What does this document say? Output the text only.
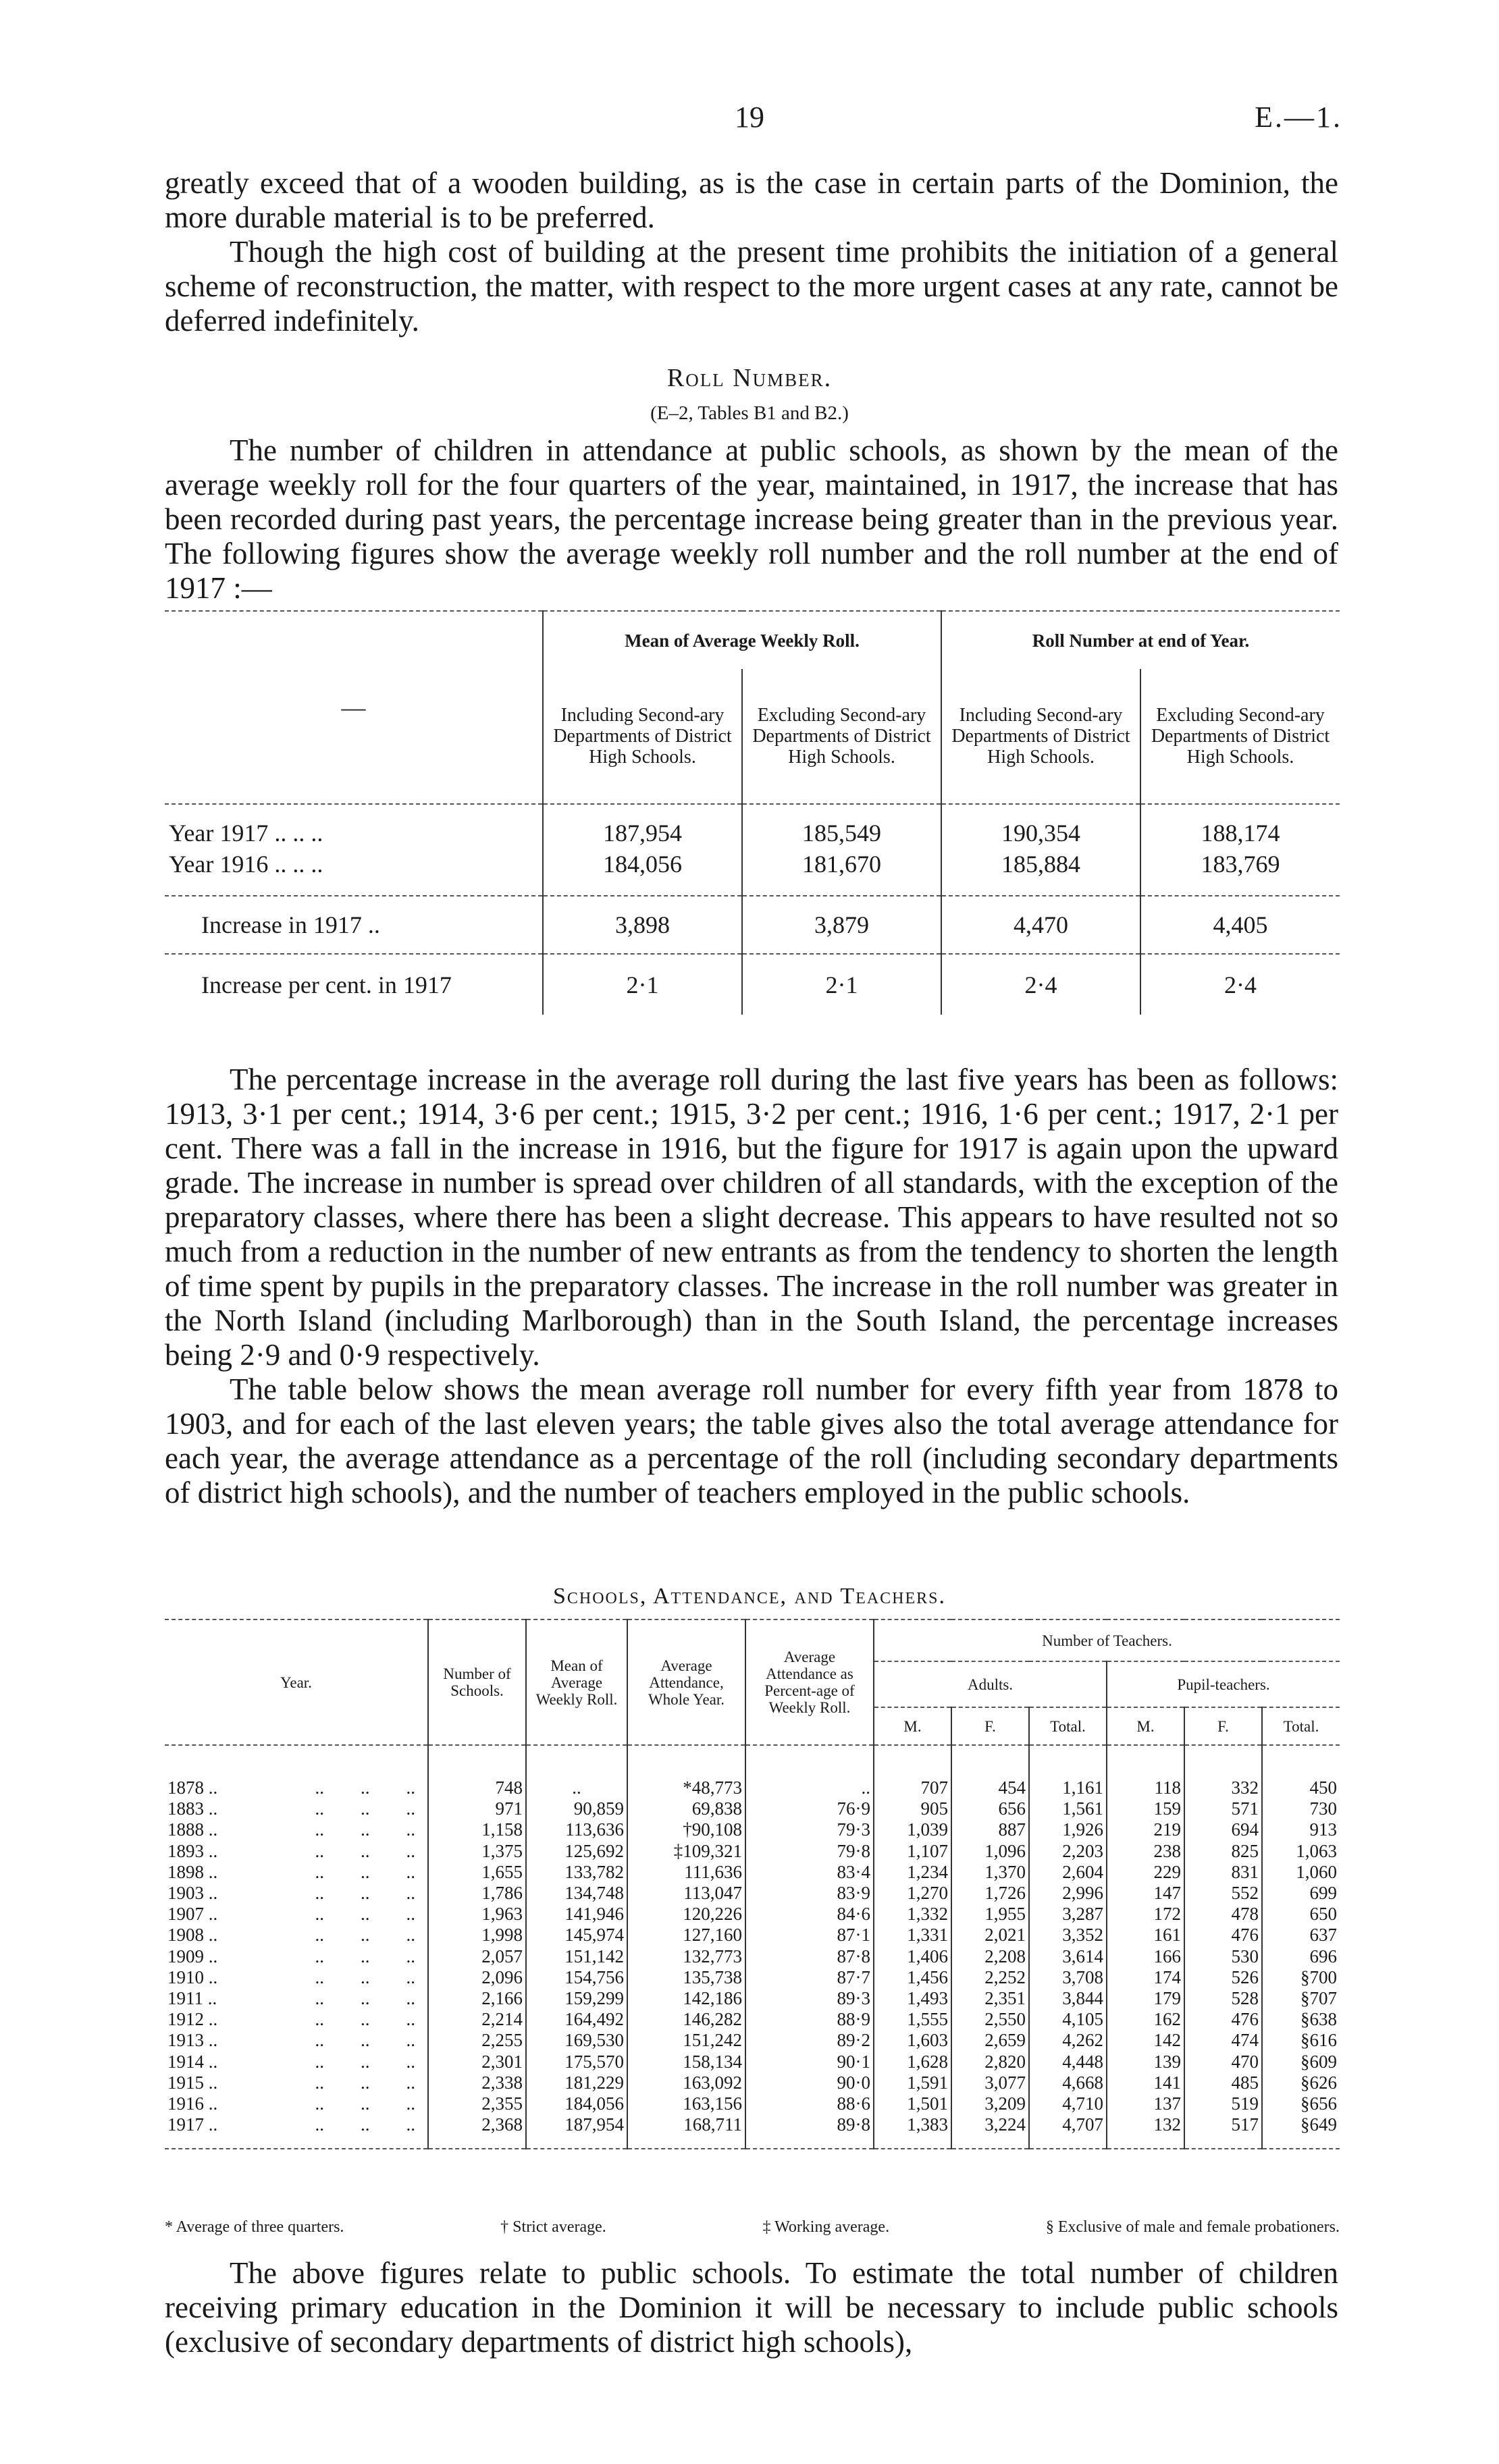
19	E.—1.

greatly exceed that of a wooden building, as is the case in certain parts of the Dominion, the more durable material is to be preferred.

Though the high cost of building at the present time prohibits the initiation of a general scheme of reconstruction, the matter, with respect to the more urgent cases at any rate, cannot be deferred indefinitely.

Roll Number.
(E–2, Tables B1 and B2.)

The number of children in attendance at public schools, as shown by the mean of the average weekly roll for the four quarters of the year, maintained, in 1917, the increase that has been recorded during past years, the percentage increase being greater than in the previous year. The following figures show the average weekly roll number and the roll number at the end of 1917 :—

—	Mean of Average Weekly Roll.		Roll Number at end of Year.	
	Including Second-ary Departments of District High Schools.	Excluding Second-ary Departments of District High Schools.	Including Second-ary Departments of District High Schools.	Excluding Second-ary Departments of District High Schools.

Year 1917 .. .. ..	187,954	185,549	190,354	188,174
Year 1916 .. .. ..	184,056	181,670	185,884	183,769

Increase in 1917 ..	3,898	3,879	4,470	4,405
Increase per cent. in 1917	2·1	2·1	2·4	2·4

The percentage increase in the average roll during the last five years has been as follows: 1913, 3·1 per cent.; 1914, 3·6 per cent.; 1915, 3·2 per cent.; 1916, 1·6 per cent.; 1917, 2·1 per cent. There was a fall in the increase in 1916, but the figure for 1917 is again upon the upward grade. The increase in number is spread over children of all standards, with the exception of the preparatory classes, where there has been a slight decrease. This appears to have resulted not so much from a reduction in the number of new entrants as from the tendency to shorten the length of time spent by pupils in the preparatory classes. The increase in the roll number was greater in the North Island (including Marlborough) than in the South Island, the percentage increases being 2·9 and 0·9 respectively.

The table below shows the mean average roll number for every fifth year from 1878 to 1903, and for each of the last eleven years; the table gives also the total average attendance for each year, the average attendance as a percentage of the roll (including secondary departments of district high schools), and the number of teachers employed in the public schools.

Schools, Attendance, and Teachers.
Year.	Number of Schools.	Mean of Average Weekly Roll.	Average Attendance, Whole Year.	Average Attendance as Percent-age of Weekly Roll.	Number of Teachers.					
					Adults.			Pupil-teachers.		
					M.	F.	Total.	M.	F.	Total.

1878 .. ..        ..        ..	748	..	*48,773	..	707	454	1,161	118	332	450
1883 .. ..        ..        ..	971	90,859	69,838	76·9	905	656	1,561	159	571	730
1888 .. ..        ..        ..	1,158	113,636	†90,108	79·3	1,039	887	1,926	219	694	913
1893 .. ..        ..        ..	1,375	125,692	‡109,321	79·8	1,107	1,096	2,203	238	825	1,063
1898 .. ..        ..        ..	1,655	133,782	111,636	83·4	1,234	1,370	2,604	229	831	1,060
1903 .. ..        ..        ..	1,786	134,748	113,047	83·9	1,270	1,726	2,996	147	552	699
1907 .. ..        ..        ..	1,963	141,946	120,226	84·6	1,332	1,955	3,287	172	478	650
1908 .. ..        ..        ..	1,998	145,974	127,160	87·1	1,331	2,021	3,352	161	476	637
1909 .. ..        ..        ..	2,057	151,142	132,773	87·8	1,406	2,208	3,614	166	530	696
1910 .. ..        ..        ..	2,096	154,756	135,738	87·7	1,456	2,252	3,708	174	526	§700
1911 .. ..        ..        ..	2,166	159,299	142,186	89·3	1,493	2,351	3,844	179	528	§707
1912 .. ..        ..        ..	2,214	164,492	146,282	88·9	1,555	2,550	4,105	162	476	§638
1913 .. ..        ..        ..	2,255	169,530	151,242	89·2	1,603	2,659	4,262	142	474	§616
1914 .. ..        ..        ..	2,301	175,570	158,134	90·1	1,628	2,820	4,448	139	470	§609
1915 .. ..        ..        ..	2,338	181,229	163,092	90·0	1,591	3,077	4,668	141	485	§626
1916 .. ..        ..        ..	2,355	184,056	163,156	88·6	1,501	3,209	4,710	137	519	§656
1917 .. ..        ..        ..	2,368	187,954	168,711	89·8	1,383	3,224	4,707	132	517	§649

* Average of three quarters.	† Strict average.	‡ Working average.	§ Exclusive of male and female probationers.

The above figures relate to public schools. To estimate the total number of children receiving primary education in the Dominion it will be necessary to include public schools (exclusive of secondary departments of district high schools),
